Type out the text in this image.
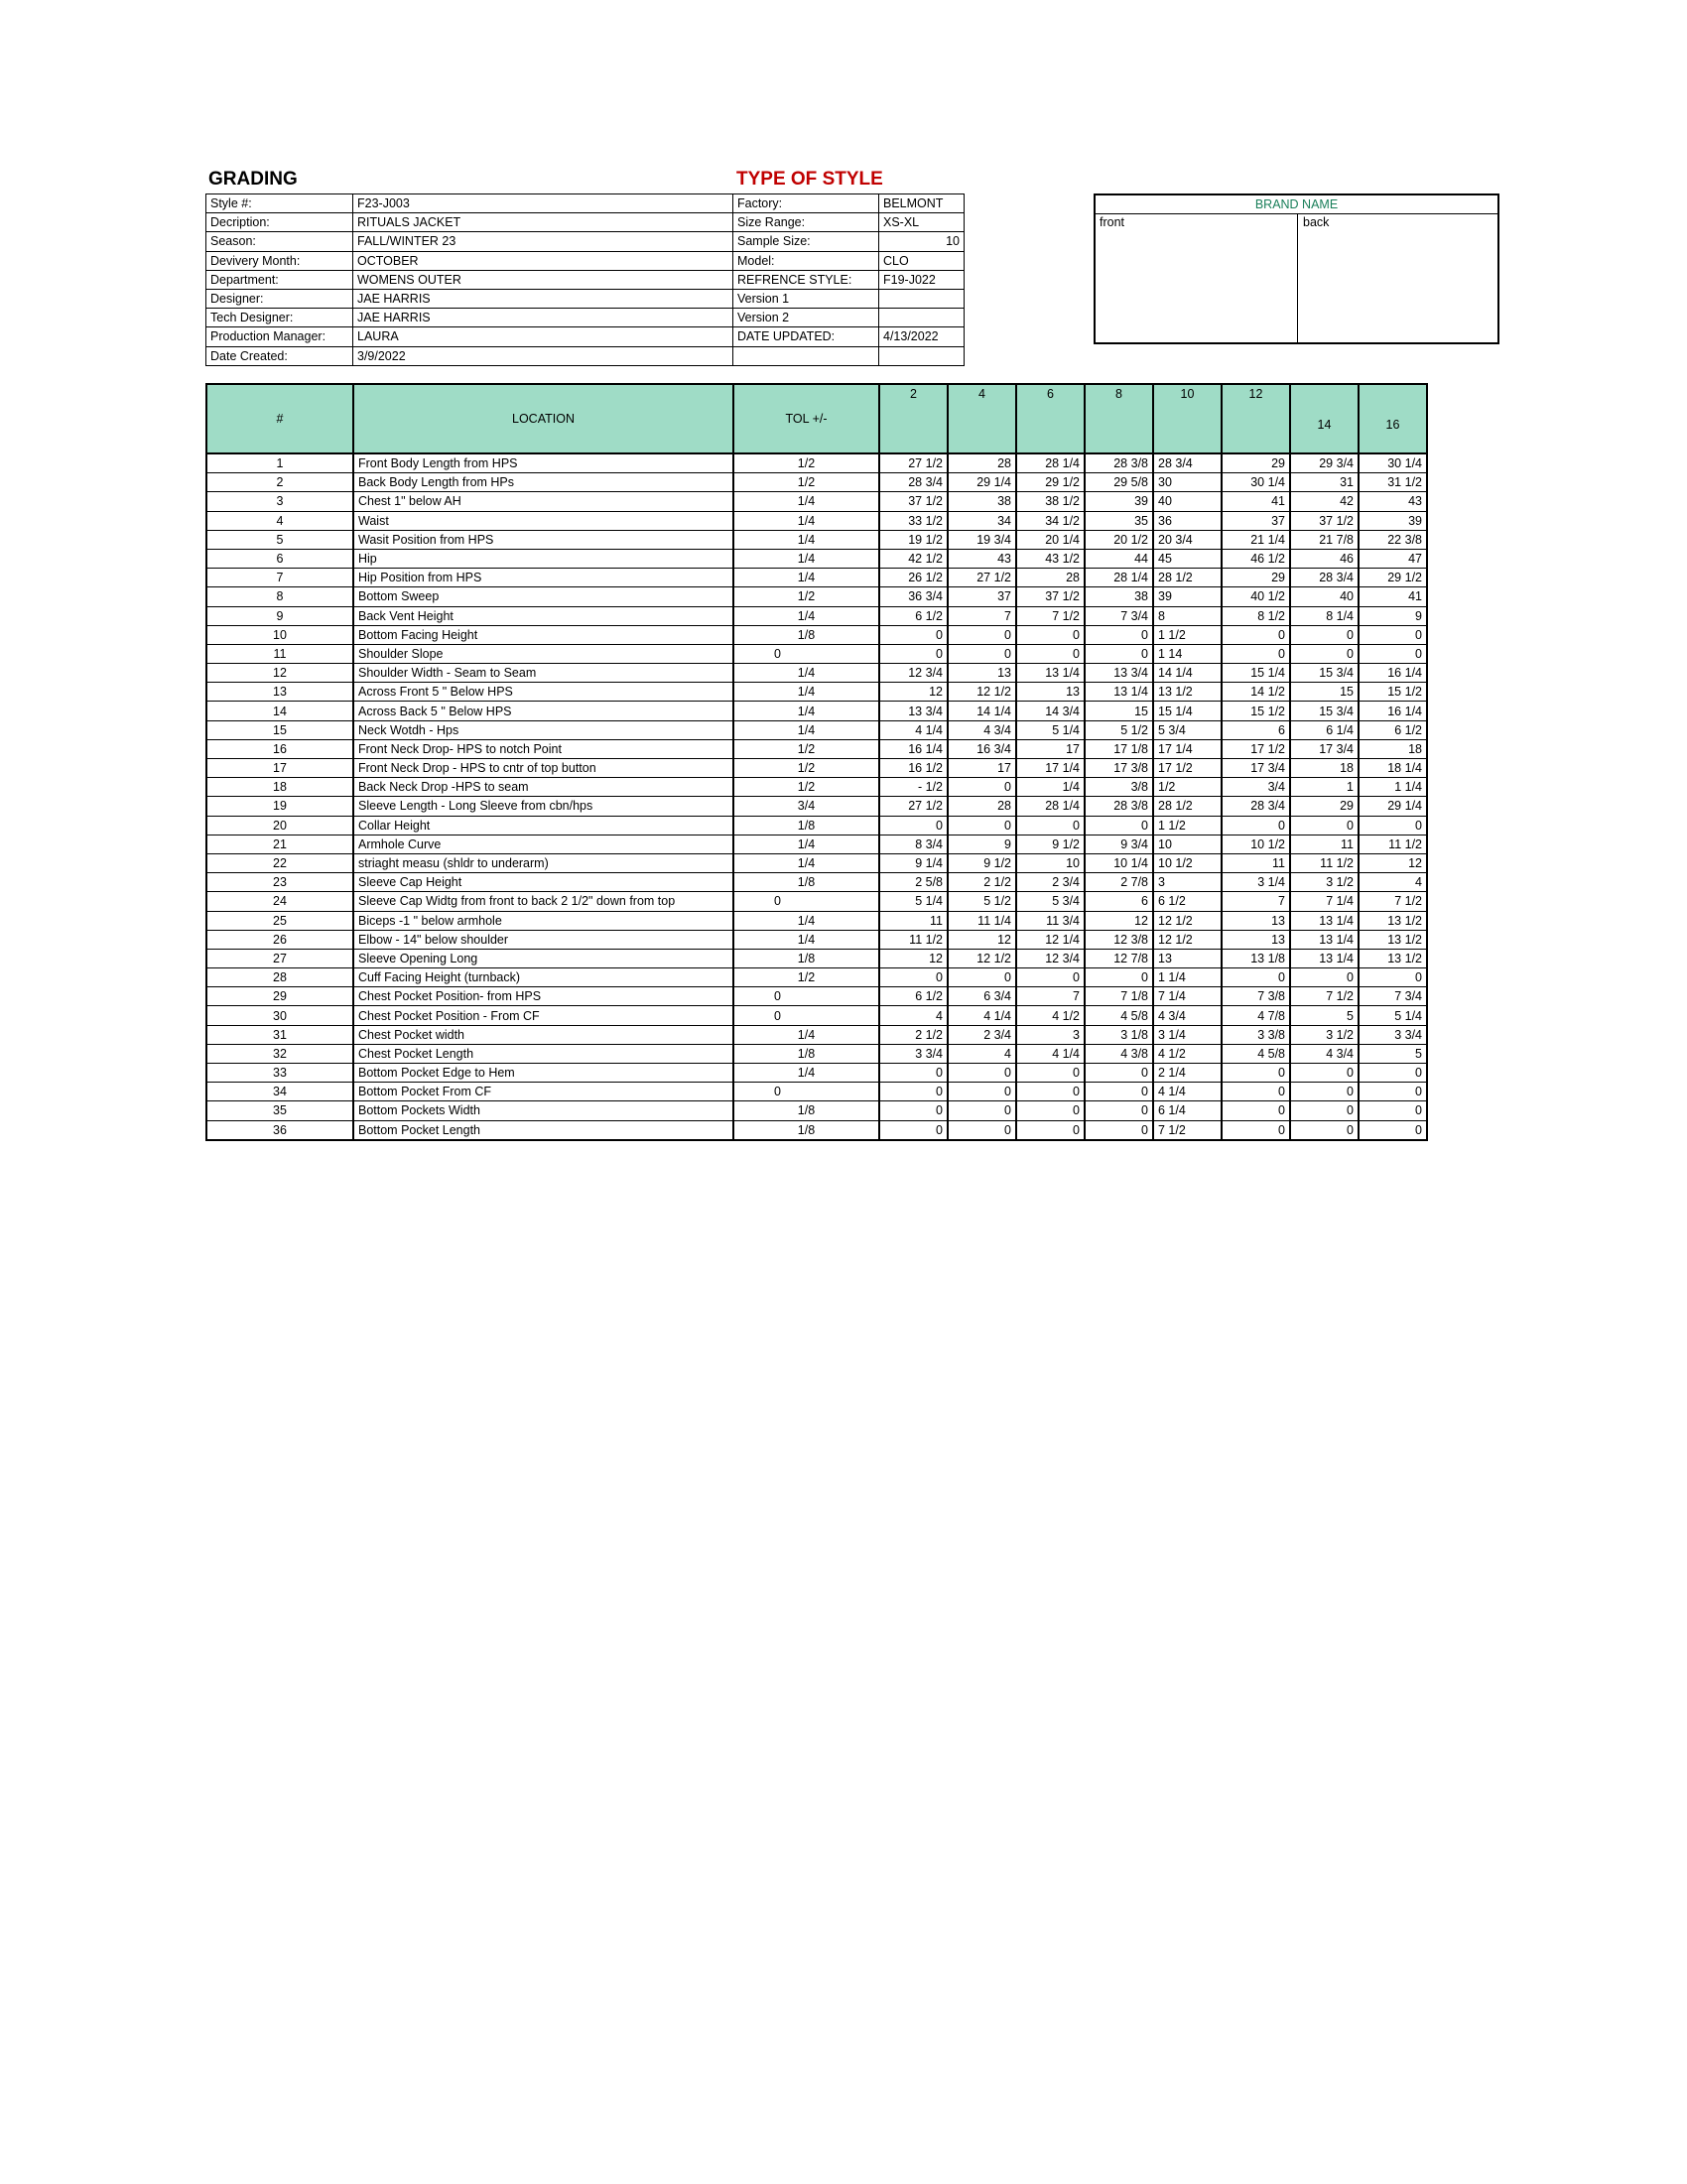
GRADING	TYPE OF STYLE
Style #:	F23-J003	Factory:	BELMONT
Decription:	RITUALS JACKET	Size Range:	XS-XL
Season:	FALL/WINTER 23	Sample Size:	10
Devivery Month:	OCTOBER	Model:	CLO
Department:	WOMENS OUTER	REFRENCE STYLE:	F19-J022
Designer:	JAE HARRIS	Version 1	
Tech Designer:	JAE HARRIS	Version 2	
Production Manager:	LAURA	DATE UPDATED:	4/13/2022
Date Created:	3/9/2022		
BRAND NAME
front	back
#	LOCATION	TOL +/-	2	4	6	8	10	12	14	16
1	Front Body Length from HPS	1/2	27 1/2	28	28 1/4	28 3/8	28 3/4	29	29 3/4	30 1/4
2	Back Body Length from HPs	1/2	28 3/4	29 1/4	29 1/2	29 5/8	30	30 1/4	31	31 1/2
3	Chest 1" below AH	1/4	37 1/2	38	38 1/2	39	40	41	42	43
4	Waist	1/4	33 1/2	34	34 1/2	35	36	37	37 1/2	39
5	Wasit Position from HPS	1/4	19 1/2	19 3/4	20 1/4	20 1/2	20 3/4	21 1/4	21 7/8	22 3/8
6	Hip	1/4	42 1/2	43	43 1/2	44	45	46 1/2	46	47
7	Hip Position from HPS	1/4	26 1/2	27 1/2	28	28 1/4	28 1/2	29	28 3/4	29 1/2
8	Bottom Sweep	1/2	36 3/4	37	37 1/2	38	39	40 1/2	40	41
9	Back Vent Height	1/4	6 1/2	7	7 1/2	7 3/4	8	8 1/2	8 1/4	9
10	Bottom Facing Height	1/8	0	0	0	0	1 1/2	0	0	0
11	Shoulder Slope	0	0	0	0	0	1 14	0	0	0
12	Shoulder Width - Seam to Seam	1/4	12 3/4	13	13 1/4	13 3/4	14 1/4	15 1/4	15 3/4	16 1/4
13	Across Front 5 " Below HPS	1/4	12	12 1/2	13	13 1/4	13 1/2	14 1/2	15	15 1/2
14	Across Back 5 " Below HPS	1/4	13 3/4	14 1/4	14 3/4	15	15 1/4	15 1/2	15 3/4	16 1/4
15	Neck Wotdh - Hps	1/4	4 1/4	4 3/4	5 1/4	5 1/2	5 3/4	6	6 1/4	6 1/2
16	Front Neck Drop- HPS to notch Point	1/2	16 1/4	16 3/4	17	17 1/8	17 1/4	17 1/2	17 3/4	18
17	Front Neck Drop - HPS to cntr of top button	1/2	16 1/2	17	17 1/4	17 3/8	17 1/2	17 3/4	18	18 1/4
18	Back Neck Drop -HPS to seam	1/2	- 1/2	0	1/4	3/8	1/2	3/4	1	1 1/4
19	Sleeve Length - Long Sleeve from cbn/hps	3/4	27 1/2	28	28 1/4	28 3/8	28 1/2	28 3/4	29	29 1/4
20	Collar Height	1/8	0	0	0	0	1 1/2	0	0	0
21	Armhole Curve	1/4	8 3/4	9	9 1/2	9 3/4	10	10 1/2	11	11 1/2
22	striaght measu (shldr to underarm)	1/4	9 1/4	9 1/2	10	10 1/4	10 1/2	11	11 1/2	12
23	Sleeve Cap Height	1/8	2 5/8	2 1/2	2 3/4	2 7/8	3	3 1/4	3 1/2	4
24	Sleeve Cap Widtg from front to back 2 1/2" down from top	0	5 1/4	5 1/2	5 3/4	6	6 1/2	7	7 1/4	7 1/2
25	Biceps -1 " below armhole	1/4	11	11 1/4	11 3/4	12	12 1/2	13	13 1/4	13 1/2
26	Elbow - 14" below shoulder	1/4	11 1/2	12	12 1/4	12 3/8	12 1/2	13	13 1/4	13 1/2
27	Sleeve Opening Long	1/8	12	12 1/2	12 3/4	12 7/8	13	13 1/8	13 1/4	13 1/2
28	Cuff Facing Height (turnback)	1/2	0	0	0	0	1 1/4	0	0	0
29	Chest Pocket Position- from HPS	0	6 1/2	6 3/4	7	7 1/8	7 1/4	7 3/8	7 1/2	7 3/4
30	Chest Pocket Position - From CF	0	4	4 1/4	4 1/2	4 5/8	4 3/4	4 7/8	5	5 1/4
31	Chest Pocket width	1/4	2 1/2	2 3/4	3	3 1/8	3 1/4	3 3/8	3 1/2	3 3/4
32	Chest Pocket Length	1/8	3 3/4	4	4 1/4	4 3/8	4 1/2	4 5/8	4 3/4	5
33	Bottom Pocket Edge to Hem	1/4	0	0	0	0	2 1/4	0	0	0
34	Bottom Pocket From CF	0	0	0	0	0	4 1/4	0	0	0
35	Bottom Pockets Width	1/8	0	0	0	0	6 1/4	0	0	0
36	Bottom Pocket Length	1/8	0	0	0	0	7 1/2	0	0	0
